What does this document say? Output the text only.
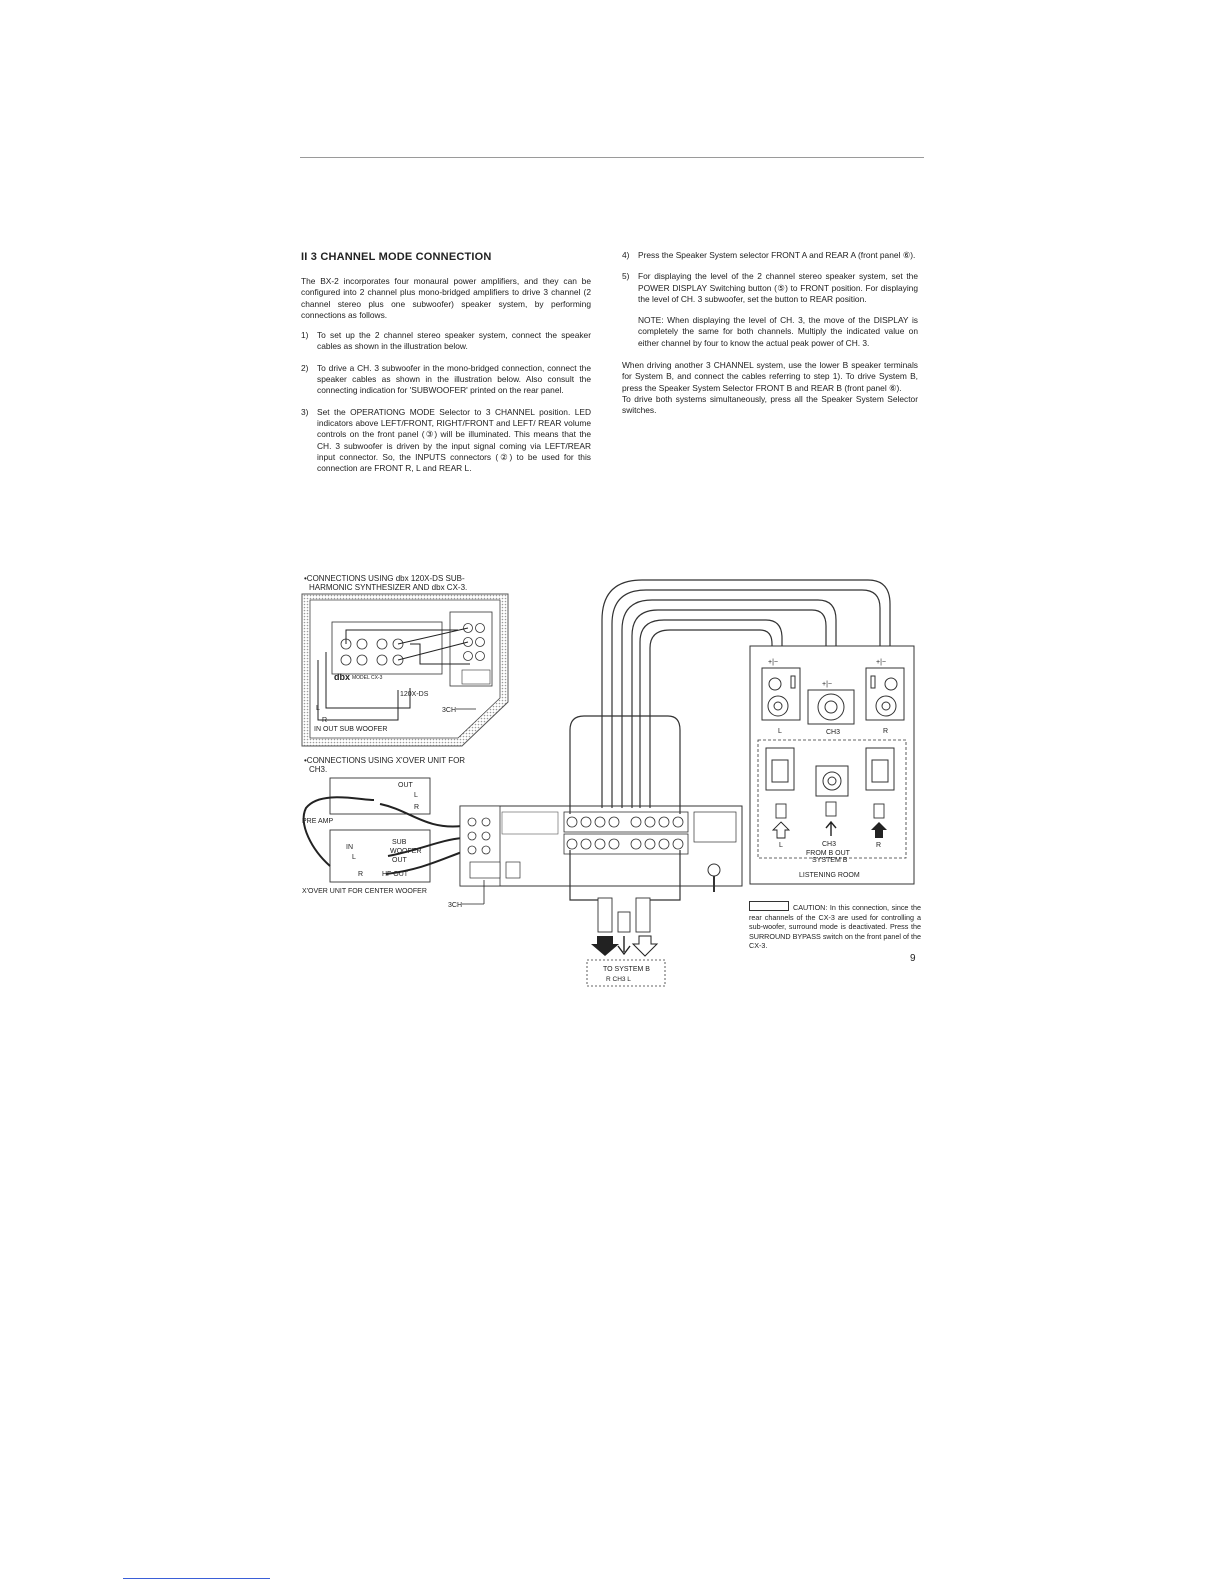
II 3 CHANNEL MODE CONNECTION

The BX-2 incorporates four monaural power amplifiers, and they can be configured into 2 channel plus mono-bridged amplifiers to drive 3 channel (2 channel stereo plus one subwoofer) speaker system, by performing connections as follows.

1) To set up the 2 channel stereo speaker system, connect the speaker cables as shown in the illustration below.
2) To drive a CH. 3 subwoofer in the mono-bridged connection, connect the speaker cables as shown in the illustration below. Also consult the connecting indication for 'SUBWOOFER' printed on the rear panel.
3) Set the OPERATIONG MODE Selector to 3 CHANNEL position. LED indicators above LEFT/FRONT, RIGHT/FRONT and LEFT/ REAR volume controls on the front panel (③) will be illuminated. This means that the CH. 3 subwoofer is driven by the input signal coming via LEFT/REAR input connector. So, the INPUTS connectors (②) to be used for this connection are FRONT R, L and REAR L.
4) Press the Speaker System selector FRONT A and REAR A (front panel ⑥).
5) For displaying the level of the 2 channel stereo speaker system, set the POWER DISPLAY Switching button (⑤) to FRONT position. For displaying the level of CH. 3 subwoofer, set the button to REAR position.

NOTE: When displaying the level of CH. 3, the move of the DISPLAY is completely the same for both channels. Multiply the indicated value on either channel by four to know the actual peak power of CH. 3.

When driving another 3 CHANNEL system, use the lower B speaker terminals for System B, and connect the cables referring to step 1). To drive System B, press the Speaker System Selector FRONT B and REAR B (front panel ⑥).

To drive both systems simultaneously, press all the Speaker System Selector switches.

•CONNECTIONS USING dbx 120X-DS SUB-
HARMONIC SYNTHESIZER AND dbx CX-3.
dbx MODEL CX-3
120X-DS
L
R
IN OUT SUB WOOFER
3CH
•CONNECTIONS USING X'OVER UNIT FOR
CH3.
OUT
L
R
PRE AMP
IN
L
R
SUB
WOOFER
OUT
HF OUT
X'OVER UNIT FOR CENTER WOOFER
3CH
TO SYSTEM B
R CH3 L
+|−
+|−
+|−
L	CH3	R
L	CH3	R
FROM B OUT
SYSTEM B
LISTENING ROOM
CAUTION: In this connection, since the rear channels of the CX-3 are used for controlling a sub-woofer, surround mode is deactivated. Press the SURROUND BYPASS switch on the front panel of the CX-3.
9
